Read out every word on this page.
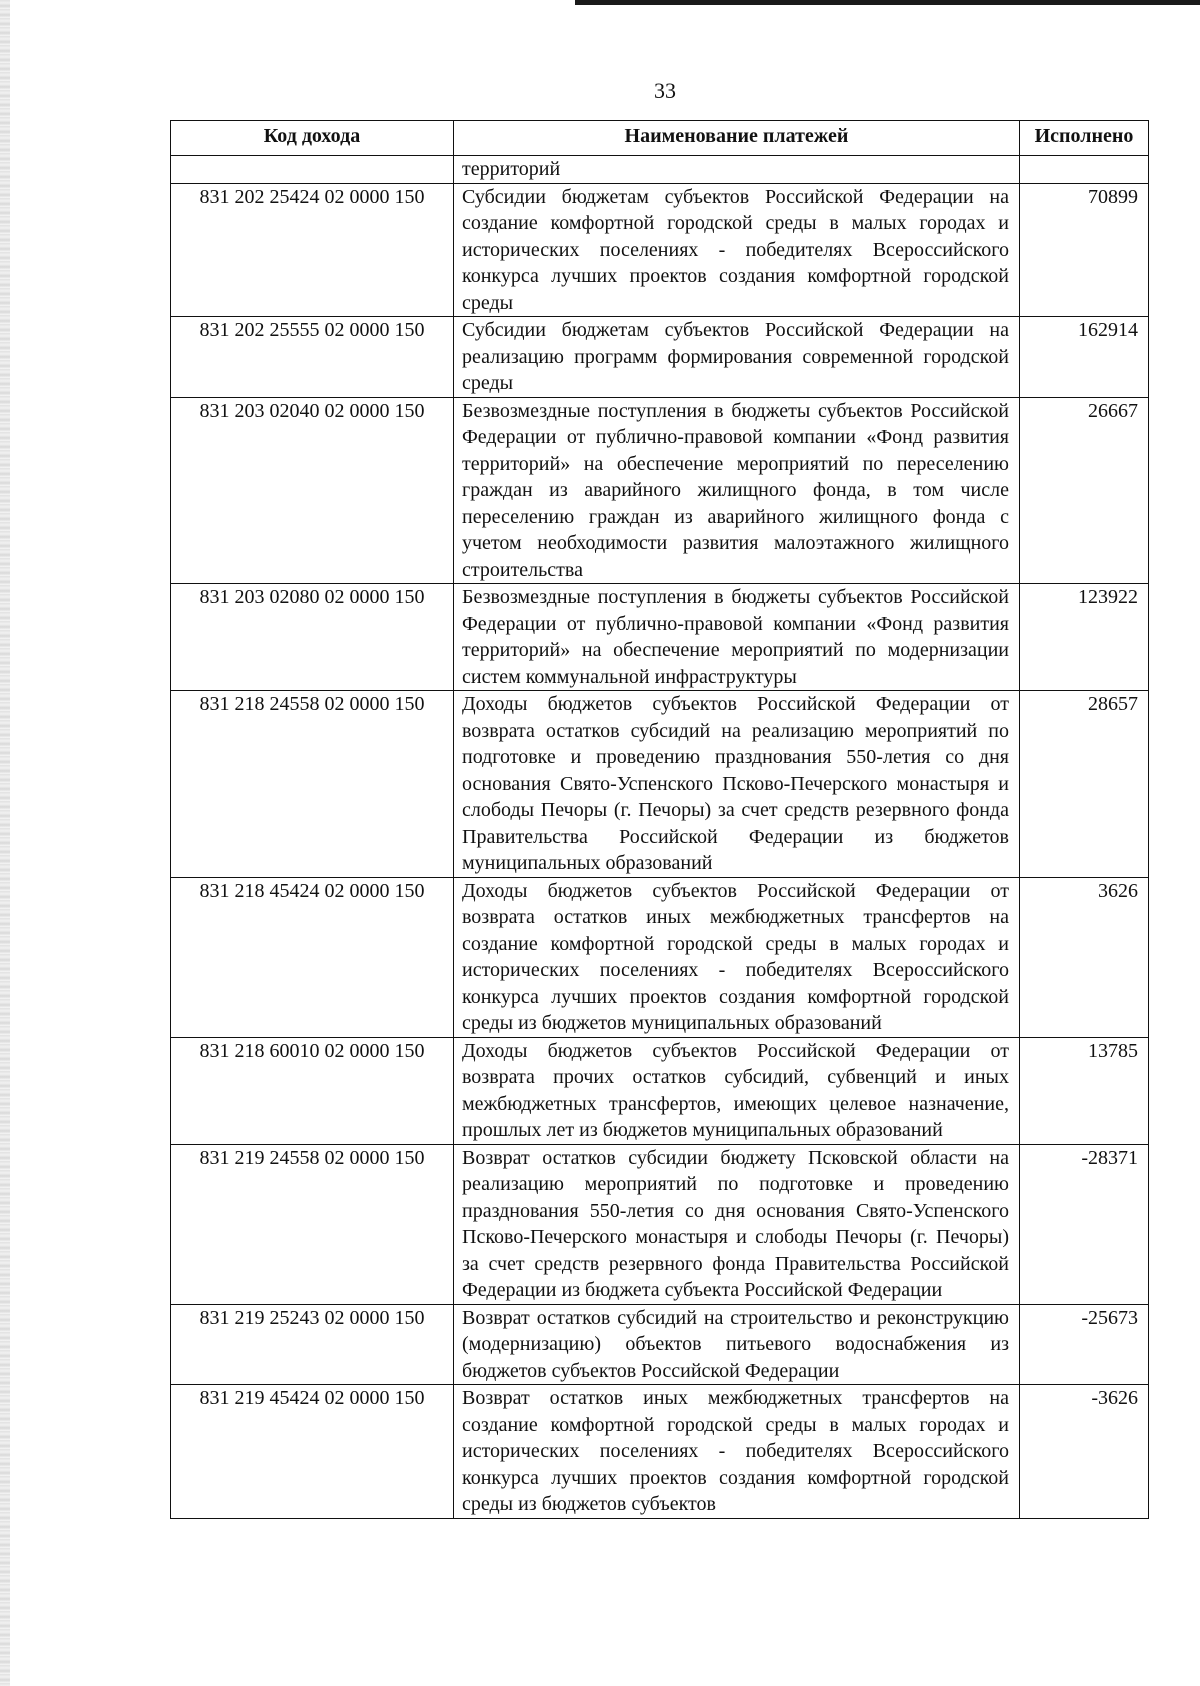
33
Код дохода	Наименование платежей	Исполнено
	территорий	
831 202 25424 02 0000 150	Субсидии бюджетам субъектов Российской Федерации на создание комфортной городской среды в малых городах и исторических поселениях - победителях Всероссийского конкурса лучших проектов создания комфортной городской среды	70899
831 202 25555 02 0000 150	Субсидии бюджетам субъектов Российской Федерации на реализацию программ формирования современной городской среды	162914
831 203 02040 02 0000 150	Безвозмездные поступления в бюджеты субъектов Российской Федерации от публично-правовой компании «Фонд развития территорий» на обеспечение мероприятий по переселению граждан из аварийного жилищного фонда, в том числе переселению граждан из аварийного жилищного фонда с учетом необходимости развития малоэтажного жилищного строительства	26667
831 203 02080 02 0000 150	Безвозмездные поступления в бюджеты субъектов Российской Федерации от публично-правовой компании «Фонд развития территорий» на обеспечение мероприятий по модернизации систем коммунальной инфраструктуры	123922
831 218 24558 02 0000 150	Доходы бюджетов субъектов Российской Федерации от возврата остатков субсидий на реализацию мероприятий по подготовке и проведению празднования 550-летия со дня основания Свято-Успенского Псково-Печерского монастыря и слободы Печоры (г. Печоры) за счет средств резервного фонда Правительства Российской Федерации из бюджетов муниципальных образований	28657
831 218 45424 02 0000 150	Доходы бюджетов субъектов Российской Федерации от возврата остатков иных межбюджетных трансфертов на создание комфортной городской среды в малых городах и исторических поселениях - победителях Всероссийского конкурса лучших проектов создания комфортной городской среды из бюджетов муниципальных образований	3626
831 218 60010 02 0000 150	Доходы бюджетов субъектов Российской Федерации от возврата прочих остатков субсидий, субвенций и иных межбюджетных трансфертов, имеющих целевое назначение, прошлых лет из бюджетов муниципальных образований	13785
831 219 24558 02 0000 150	Возврат остатков субсидии бюджету Псковской области на реализацию мероприятий по подготовке и проведению празднования 550-летия со дня основания Свято-Успенского Псково-Печерского монастыря и слободы Печоры (г. Печоры) за счет средств резервного фонда Правительства Российской Федерации из бюджета субъекта Российской Федерации	-28371
831 219 25243 02 0000 150	Возврат остатков субсидий на строительство и реконструкцию (модернизацию) объектов питьевого водоснабжения из бюджетов субъектов Российской Федерации	-25673
831 219 45424 02 0000 150	Возврат остатков иных межбюджетных трансфертов на создание комфортной городской среды в малых городах и исторических поселениях - победителях Всероссийского конкурса лучших проектов создания комфортной городской среды из бюджетов субъектов	-3626
